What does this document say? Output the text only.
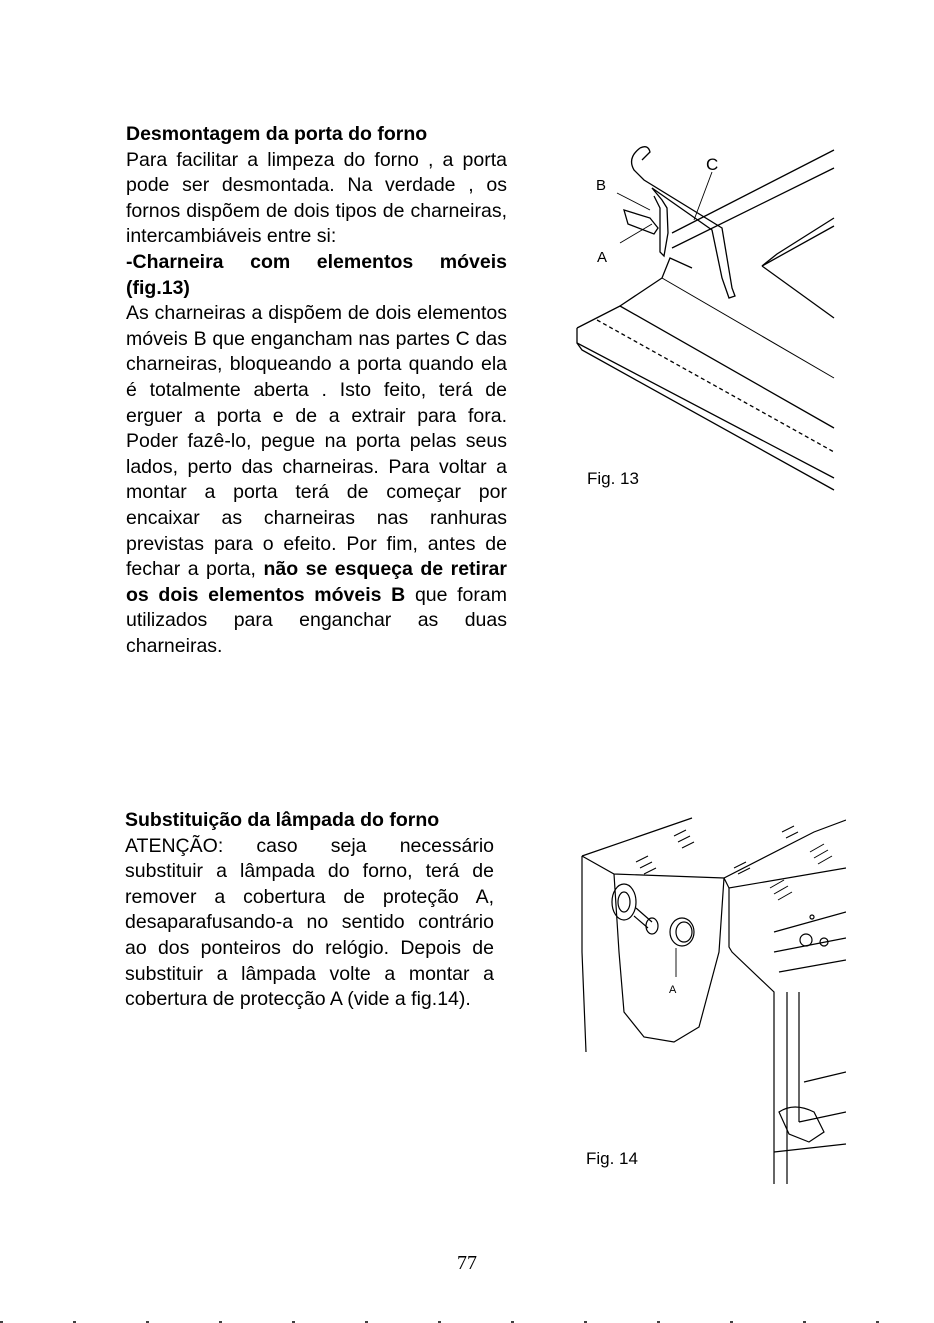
Desmontagem da porta do forno

Para facilitar a limpeza do forno , a porta pode ser desmontada. Na verdade , os fornos dispõem de dois tipos de charneiras, intercambiáveis entre si:

-Charneira com elementos móveis (fig.13)

As charneiras a dispõem de dois elementos móveis B que engancham nas partes C das charneiras, bloqueando a porta quando ela é totalmente aberta . Isto feito, terá de erguer a porta e de a extrair para fora. Poder fazê-lo, pegue na porta pelas seus lados, perto das charneiras. Para voltar a montar a porta terá de começar por encaixar as charneiras nas ranhuras previstas para o efeito. Por fim, antes de fechar a porta, não se esqueça de retirar os dois elementos móveis B que foram utilizados para enganchar as duas charneiras.

Substituição da lâmpada do forno

ATENÇÃO: caso seja necessário substituir a lâmpada do forno, terá de remover a cobertura de proteção A, desaparafusando-a no sentido contrário ao dos ponteiros do relógio. Depois de substituir a lâmpada volte a montar a cobertura de protecção A (vide a fig.14).

B
C
A
Fig. 13
A
Fig. 14
77
